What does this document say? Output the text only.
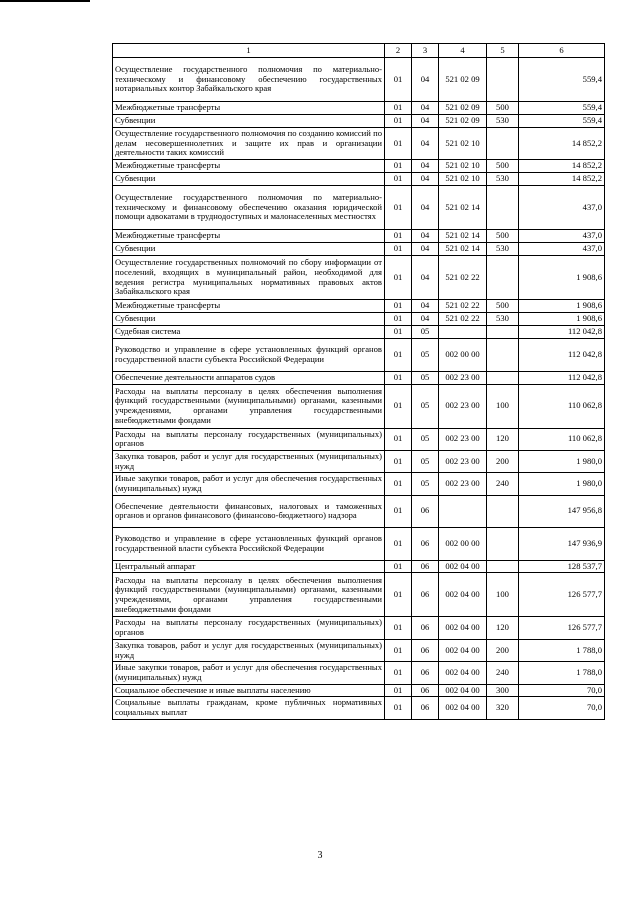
1	2	3	4	5	6
Осуществление государственного полномочия по материально-техническому и финансовому обеспечению государственных нотариальных контор Забайкальского края	01	04	521 02 09		559,4
Межбюджетные трансферты	01	04	521 02 09	500	559,4
Субвенции	01	04	521 02 09	530	559,4
Осуществление государственного полномочия по созданию комиссий по делам несовершеннолетних и защите их прав и организации деятельности таких комиссий	01	04	521 02 10		14 852,2
Межбюджетные трансферты	01	04	521 02 10	500	14 852,2
Субвенции	01	04	521 02 10	530	14 852,2
Осуществление государственного полномочия по материально-техническому и финансовому обеспечению оказания юридической помощи адвокатами в труднодоступных и малонаселенных местностях	01	04	521 02 14		437,0
Межбюджетные трансферты	01	04	521 02 14	500	437,0
Субвенции	01	04	521 02 14	530	437,0
Осуществление государственных полномочий по сбору информации от поселений, входящих в муниципальный район, необходимой для ведения регистра муниципальных нормативных правовых актов Забайкальского края	01	04	521 02 22		1 908,6
Межбюджетные трансферты	01	04	521 02 22	500	1 908,6
Субвенции	01	04	521 02 22	530	1 908,6
Судебная система	01	05			112 042,8
Руководство и управление в сфере установленных функций органов государственной власти субъекта Российской Федерации	01	05	002 00 00		112 042,8
Обеспечение деятельности аппаратов судов	01	05	002 23 00		112 042,8
Расходы на выплаты персоналу в целях обеспечения выполнения функций государственными (муниципальными) органами, казенными учреждениями, органами управления государственными внебюджетными фондами	01	05	002 23 00	100	110 062,8
Расходы на выплаты персоналу государственных (муниципальных) органов	01	05	002 23 00	120	110 062,8
Закупка товаров, работ и услуг для государственных (муниципальных) нужд	01	05	002 23 00	200	1 980,0
Иные закупки товаров, работ и услуг для обеспечения государственных (муниципальных) нужд	01	05	002 23 00	240	1 980,0
Обеспечение деятельности финансовых, налоговых и таможенных органов и органов финансового (финансово-бюджетного) надзора	01	06			147 956,8
Руководство и управление в сфере установленных функций органов государственной власти субъекта Российской Федерации	01	06	002 00 00		147 936,9
Центральный аппарат	01	06	002 04 00		128 537,7
Расходы на выплаты персоналу в целях обеспечения выполнения функций государственными (муниципальными) органами, казенными учреждениями, органами управления государственными внебюджетными фондами	01	06	002 04 00	100	126 577,7
Расходы на выплаты персоналу государственных (муниципальных) органов	01	06	002 04 00	120	126 577,7
Закупка товаров, работ и услуг для государственных (муниципальных) нужд	01	06	002 04 00	200	1 788,0
Иные закупки товаров, работ и услуг для обеспечения государственных (муниципальных) нужд	01	06	002 04 00	240	1 788,0
Социальное обеспечение и иные выплаты населению	01	06	002 04 00	300	70,0
Социальные выплаты гражданам, кроме публичных нормативных социальных выплат	01	06	002 04 00	320	70,0
3
